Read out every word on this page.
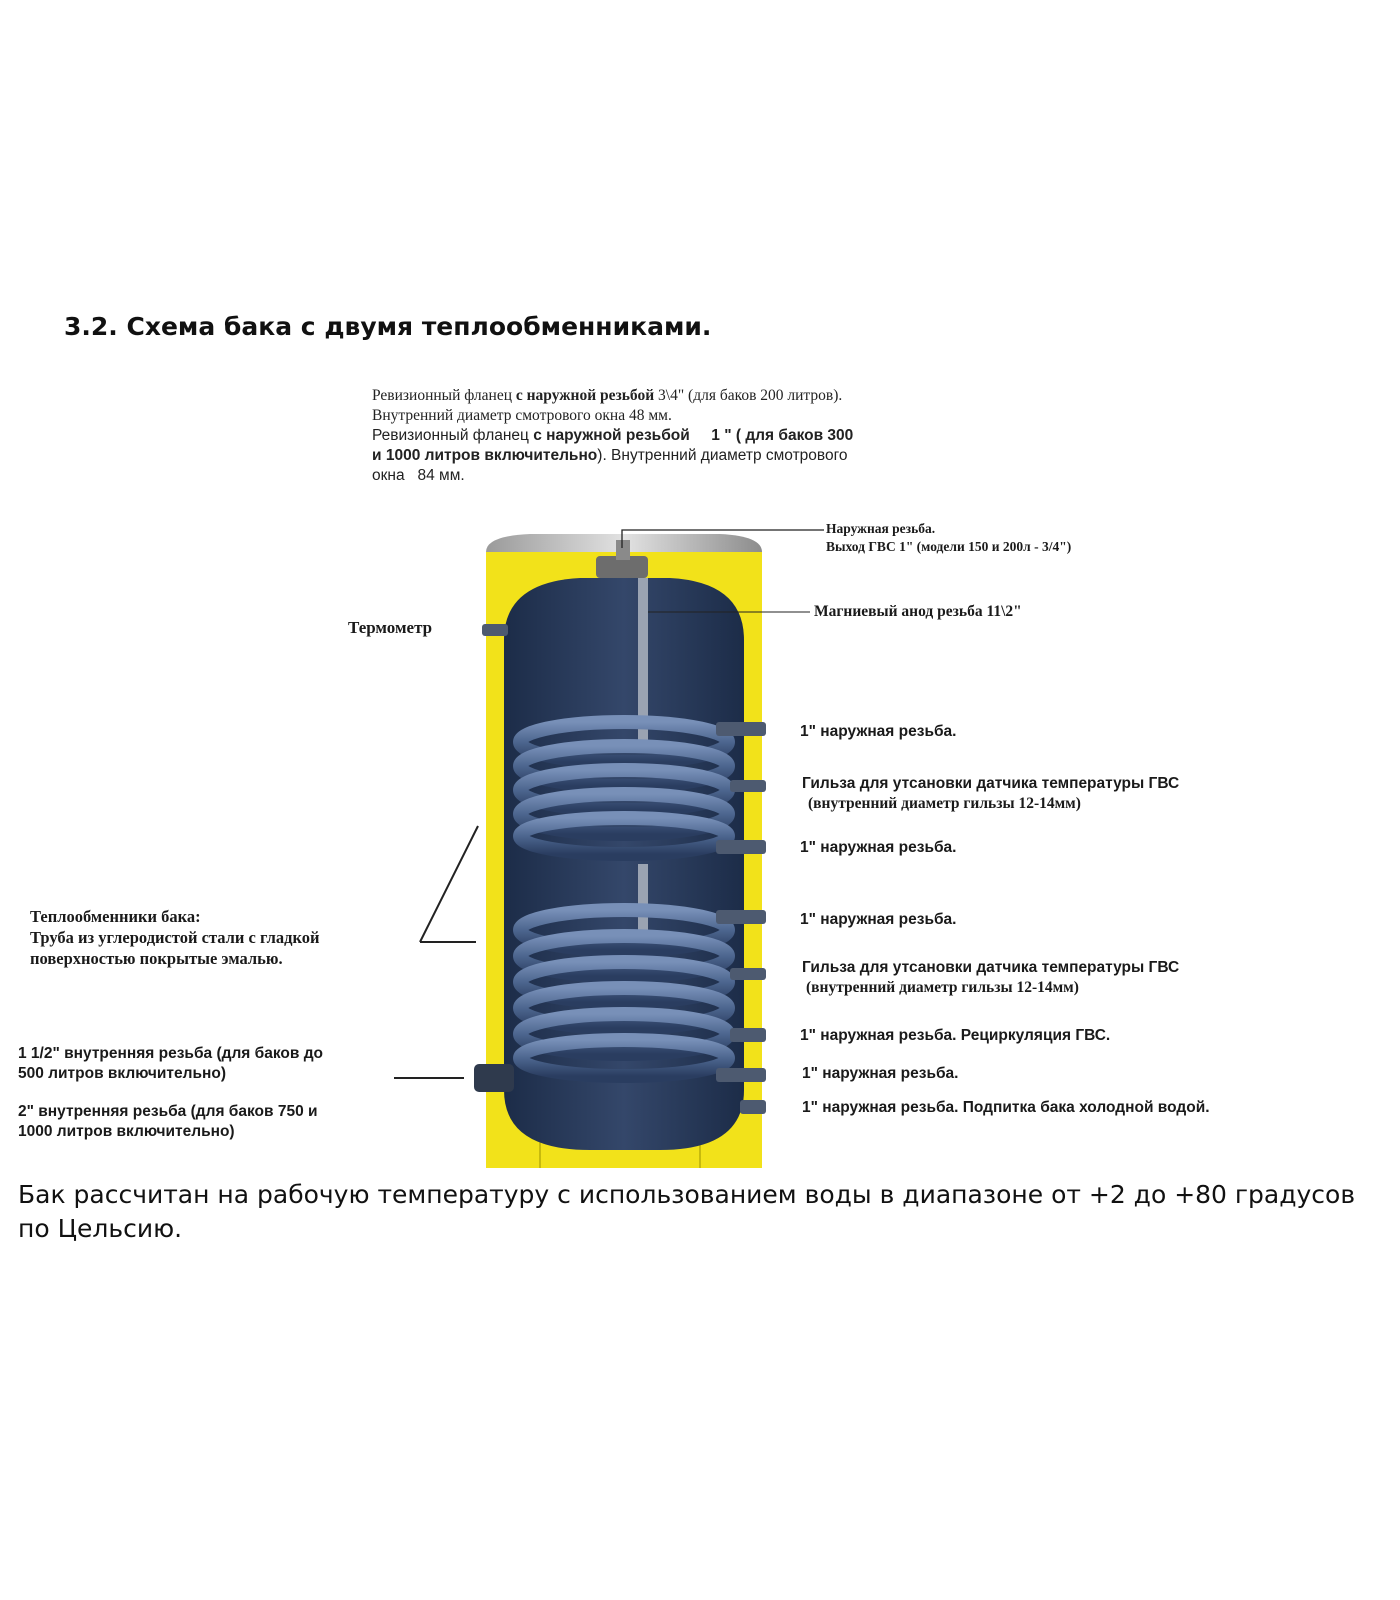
3.2. Схема бака с двумя теплообменниками.
Ревизионный фланец с наружной резьбой 3\4" (для баков 200 литров).
Внутренний диаметр смотрового окна 48 мм.
Ревизионный фланец с наружной резьбой     1 " ( для баков 300
и 1000 литров включительно). Внутренний диаметр смотрового
окна   84 мм.
Наружная резьба.
Выход ГВС 1" (модели 150 и 200л - 3/4")
Магниевый анод резьба 11\2"
Термометр
1" наружная резьба.
Гильза для утсановки датчика температуры ГВС
(внутренний диаметр гильзы 12-14мм)
1" наружная резьба.
1" наружная резьба.
Гильза для утсановки датчика температуры ГВС
(внутренний диаметр гильзы 12-14мм)
1" наружная резьба. Рециркуляция ГВС.
1" наружная резьба.
1" наружная резьба. Подпитка бака холодной водой.
Теплообменники бака:
Труба из углеродистой стали с гладкой
поверхностью покрытые эмалью.
1 1/2" внутренняя резьба (для баков до
500 литров включительно)
2" внутренняя резьба (для баков 750 и
1000 литров включительно)

Бак рассчитан на рабочую температуру с использованием воды в диапазоне от +2 до +80 градусов по Цельсию.
